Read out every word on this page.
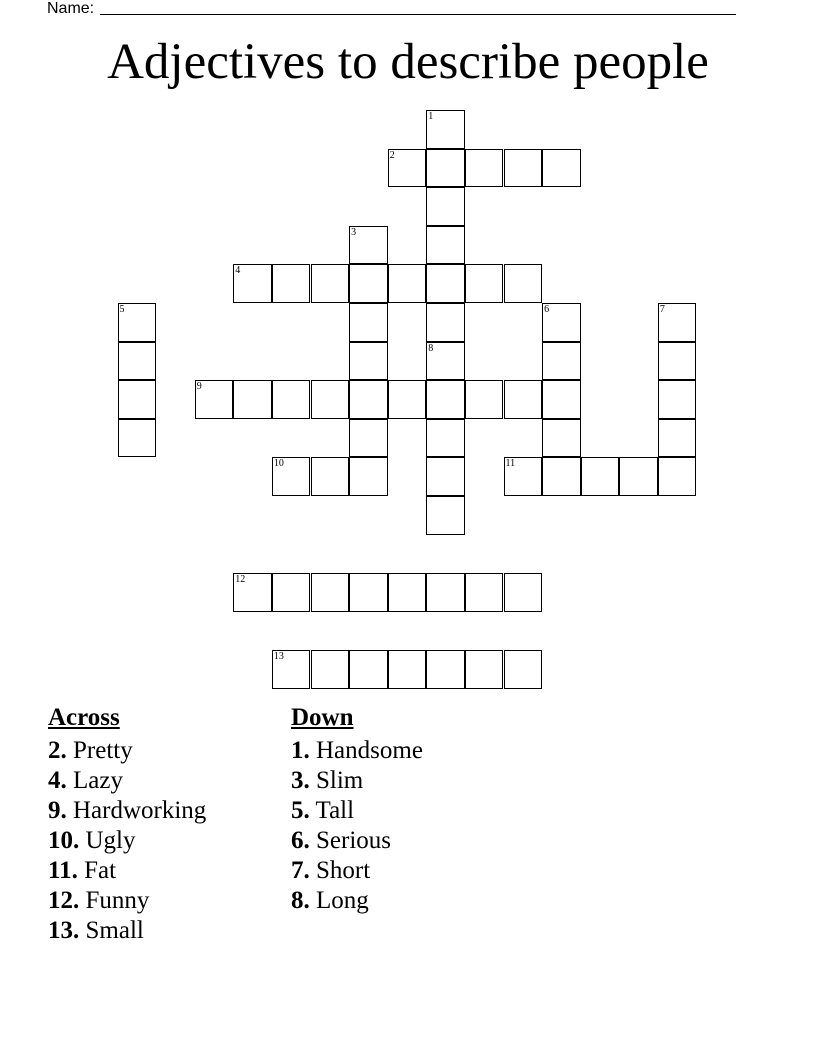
Name:
Adjectives to describe people
1
8
2
3
4
5	6	7
9
10	11
12
13
Across
2. Pretty
4. Lazy
9. Hardworking
10. Ugly
11. Fat
12. Funny
13. Small
Down
1. Handsome
3. Slim
5. Tall
6. Serious
7. Short
8. Long
